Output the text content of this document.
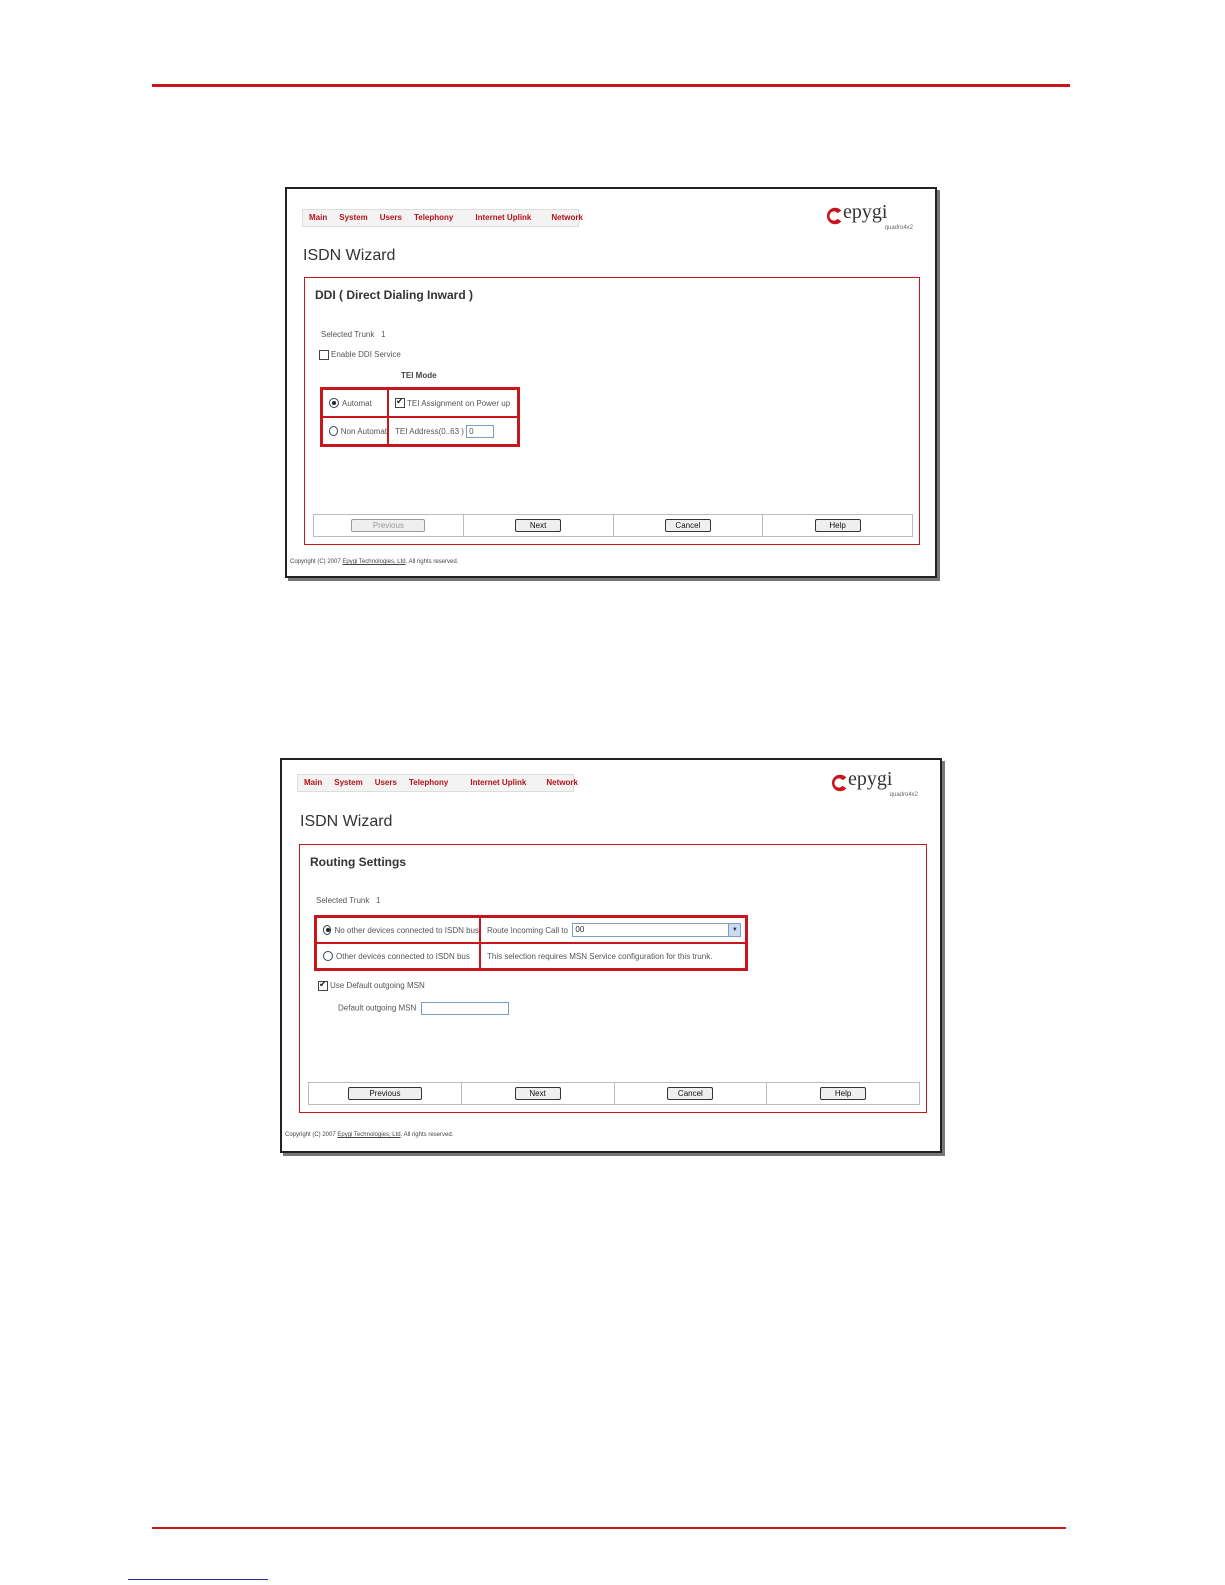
Main	System	Users	Telephony	Internet Uplink	Network	epygi
quadro4x2
ISDN Wizard
DDI ( Direct Dialing Inward )
Selected Trunk 1
Enable DDI Service
TEI Mode
Automat
✔	TEI Assignment on Power up
Non Automat TEI Address(0..63 )
0
Previous	Next	Cancel	Help
Copyright (C) 2007 Epygi Technologies, Ltd. All rights reserved.
Main	System	Users	Telephony	Internet Uplink	Network	epygi
quadro4x2
ISDN Wizard
Routing Settings
Selected Trunk 1
No other devices connected to ISDN bus Route Incoming Call to
00	▼
Other devices connected to ISDN bus This selection requires MSN Service configuration for this trunk.
✔Use Default outgoing MSN
Default outgoing MSN
Previous	Next	Cancel	Help
Copyright (C) 2007 Epygi Technologies, Ltd. All rights reserved.
